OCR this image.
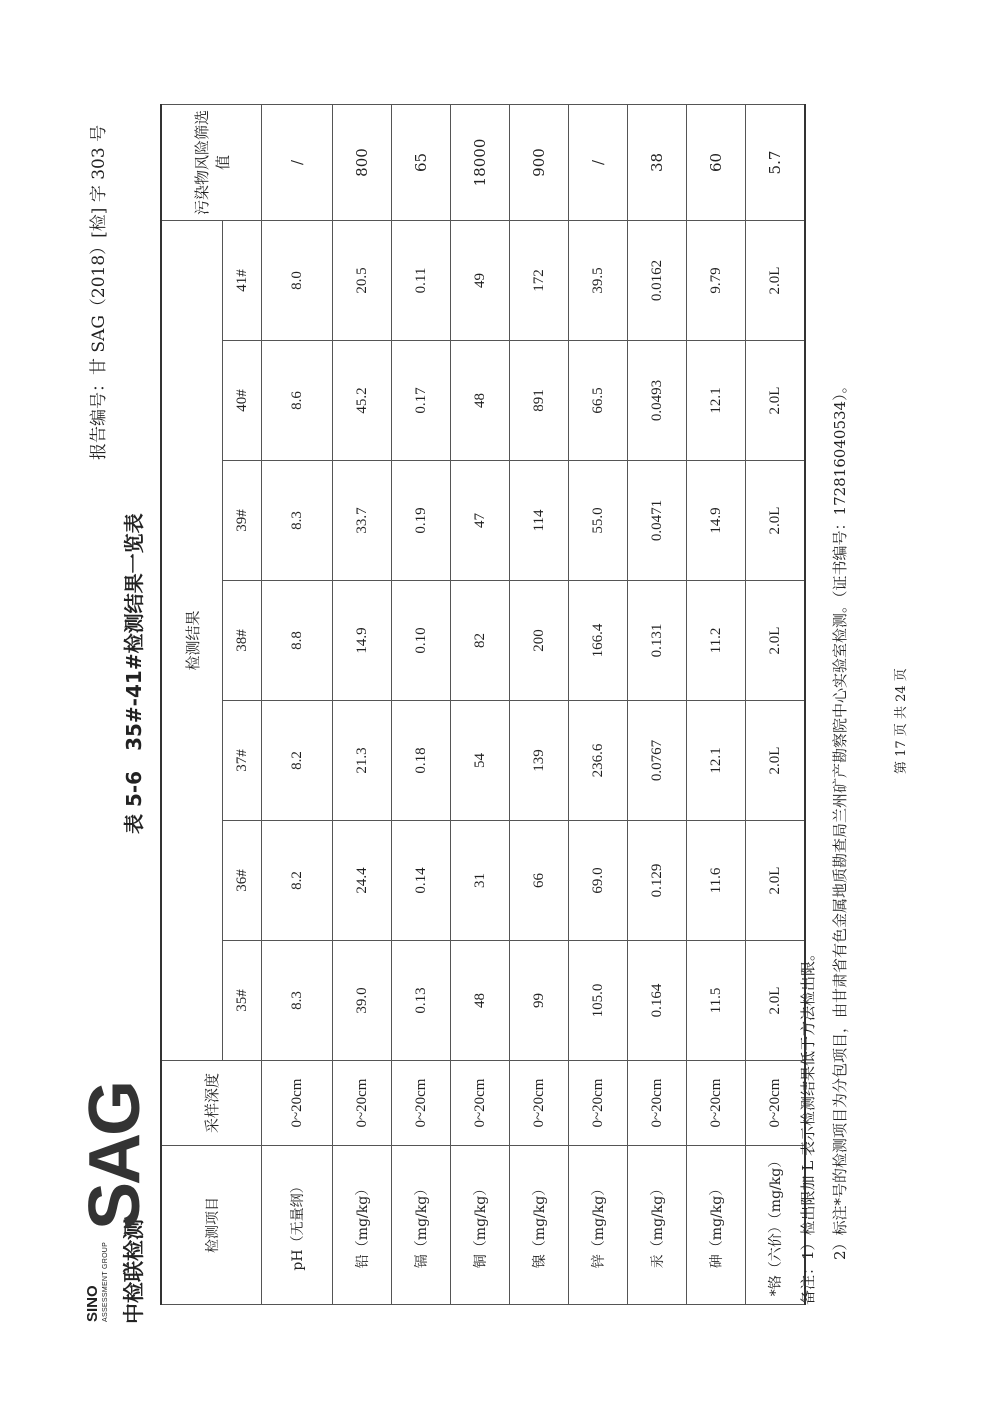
SINO ASSESSMENT GROUP 中检联检测
SAG
报告编号：甘 SAG（2018）[检] 字 303 号
表 5-6　35#-41#检测结果一览表
检测项目	采样深度	检测结果							污染物风险筛选值
		35#	36#	37#	38#	39#	40#	41#	
pH（无量纲）	0~20cm	8.3	8.2	8.2	8.8	8.3	8.6	8.0	/
铅（mg/kg）	0~20cm	39.0	24.4	21.3	14.9	33.7	45.2	20.5	800
镉（mg/kg）	0~20cm	0.13	0.14	0.18	0.10	0.19	0.17	0.11	65
铜（mg/kg）	0~20cm	48	31	54	82	47	48	49	18000
镍（mg/kg）	0~20cm	99	66	139	200	114	891	172	900
锌（mg/kg）	0~20cm	105.0	69.0	236.6	166.4	55.0	66.5	39.5	/
汞（mg/kg）	0~20cm	0.164	0.129	0.0767	0.131	0.0471	0.0493	0.0162	38
砷（mg/kg）	0~20cm	11.5	11.6	12.1	11.2	14.9	12.1	9.79	60
*铬（六价）（mg/kg）	0~20cm	2.0L	2.0L	2.0L	2.0L	2.0L	2.0L	2.0L	5.7
备注：1）检出限加 L 表示检测结果低于方法检出限。 　　　2）标注*号的检测项目为分包项目，由甘肃省有色金属地质勘查局兰州矿产勘察院中心实验室检测。（证书编号：172816040534）。	第 17 页 共 24 页
